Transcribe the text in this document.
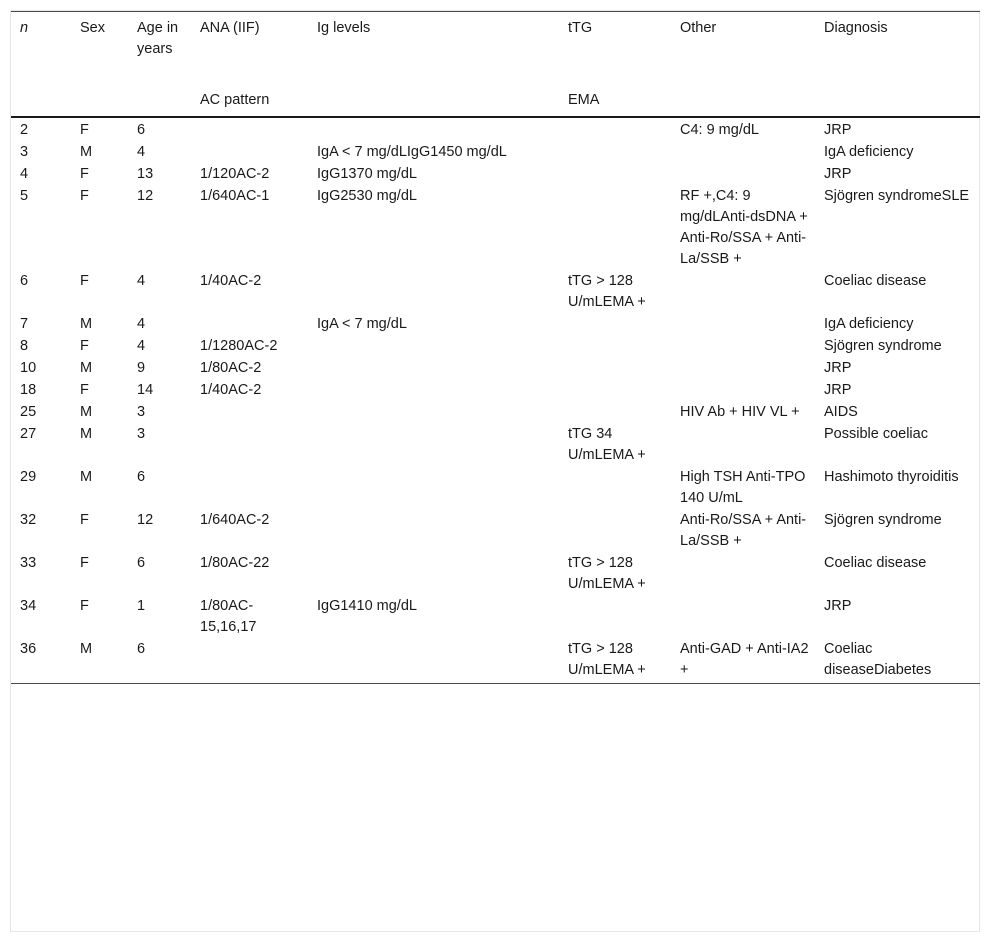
n	Sex	Age in years	ANA (IIF)	Ig levels	tTG	Other	Diagnosis
			AC pattern		EMA		
2	F	6				C4: 9 mg/dL	JRP
3	M	4		IgA < 7 mg/dLIgG1450 mg/dL			IgA deficiency
4	F	13	1/120AC-2	IgG1370 mg/dL			JRP
5	F	12	1/640AC-1	IgG2530 mg/dL		RF +,C4: 9 mg/dLAnti-dsDNA + Anti-Ro/SSA + Anti-La/SSB +	Sjögren syndromeSLE
6	F	4	1/40AC-2		tTG > 128 U/mLEMA +		Coeliac disease
7	M	4		IgA < 7 mg/dL			IgA deficiency
8	F	4	1/1280AC-2				Sjögren syndrome
10	M	9	1/80AC-2				JRP
18	F	14	1/40AC-2				JRP
25	M	3				HIV Ab + HIV VL +	AIDS
27	M	3			tTG 34 U/mLEMA +		Possible coeliac
29	M	6				High TSH Anti-TPO 140 U/mL	Hashimoto thyroiditis
32	F	12	1/640AC-2			Anti-Ro/SSA + Anti-La/SSB +	Sjögren syndrome
33	F	6	1/80AC-22		tTG > 128 U/mLEMA +		Coeliac disease
34	F	1	1/80AC-15,16,17	IgG1410 mg/dL			JRP
36	M	6			tTG > 128 U/mLEMA +	Anti-GAD + Anti-IA2 +	Coeliac diseaseDiabetes
